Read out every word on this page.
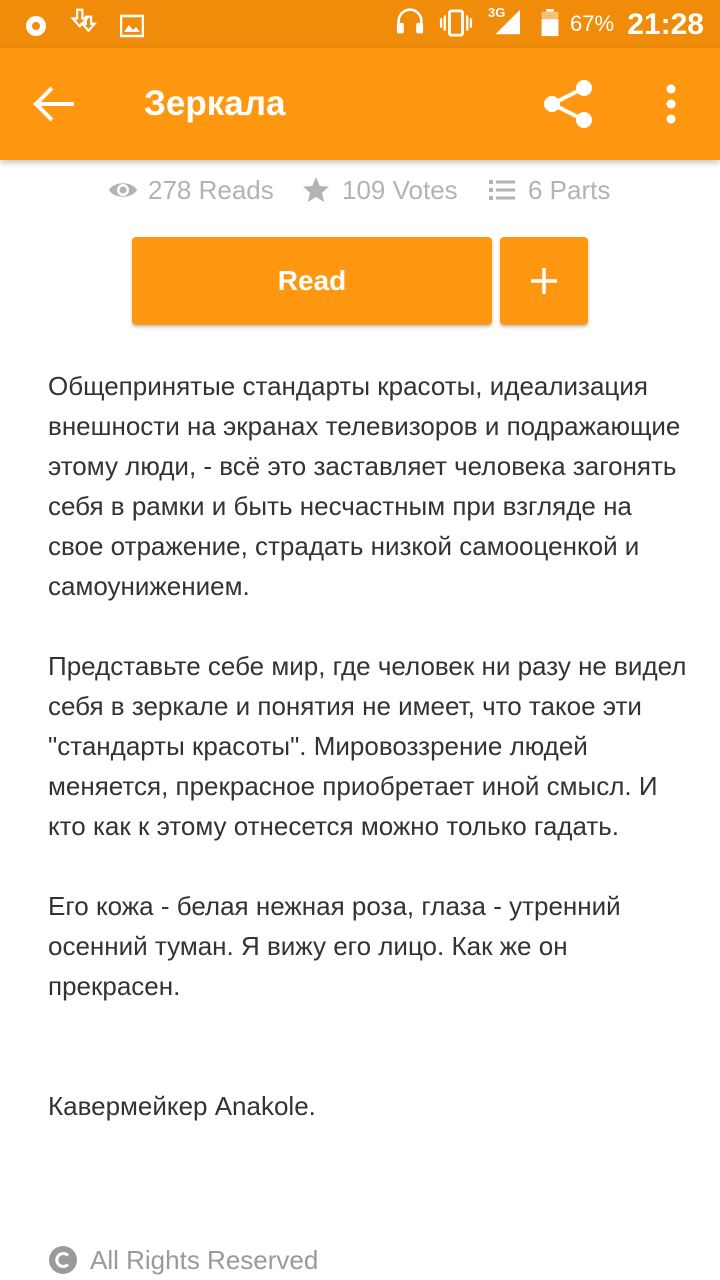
3G	67% 21:28
Зеркала
278 Reads	109 Votes	6 Parts
Read

Общепринятые стандарты красоты, идеализация внешности на экранах телевизоров и подражающие этому люди, - всё это заставляет человека загонять себя в рамки и быть несчастным при взгляде на свое отражение, страдать низкой самооценкой и самоунижением.

Представьте себе мир, где человек ни разу не видел себя в зеркале и понятия не имеет, что такое эти "стандарты красоты". Мировоззрение людей меняется, прекрасное приобретает иной смысл. И кто как к этому отнесется можно только гадать.

Его кожа - белая нежная роза, глаза - утренний осенний туман. Я вижу его лицо. Как же он прекрасен.

Кавермейкер Anakole.

All Rights Reserved
